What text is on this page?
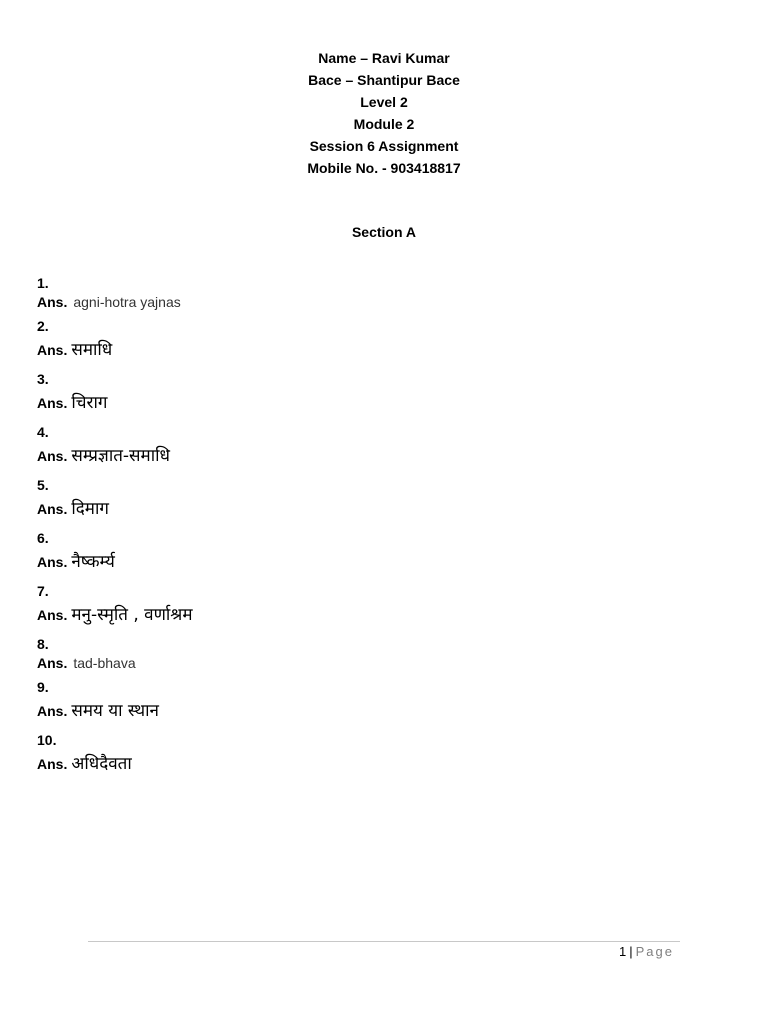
Name – Ravi Kumar
Bace – Shantipur Bace
Level 2
Module 2
Session 6 Assignment
Mobile No. - 903418817
Section A
1.
Ans. agni-hotra yajnas
2.
Ans. समाधि
3.
Ans. चिराग
4.
Ans. सम्प्रज्ञात-समाधि
5.
Ans. दिमाग
6.
Ans. नैष्कर्म्य
7.
Ans. मनु-स्मृति , वर्णाश्रम
8.
Ans. tad-bhava
9.
Ans. समय या स्थान
10.
Ans. अधिदैवता
1 | Page
